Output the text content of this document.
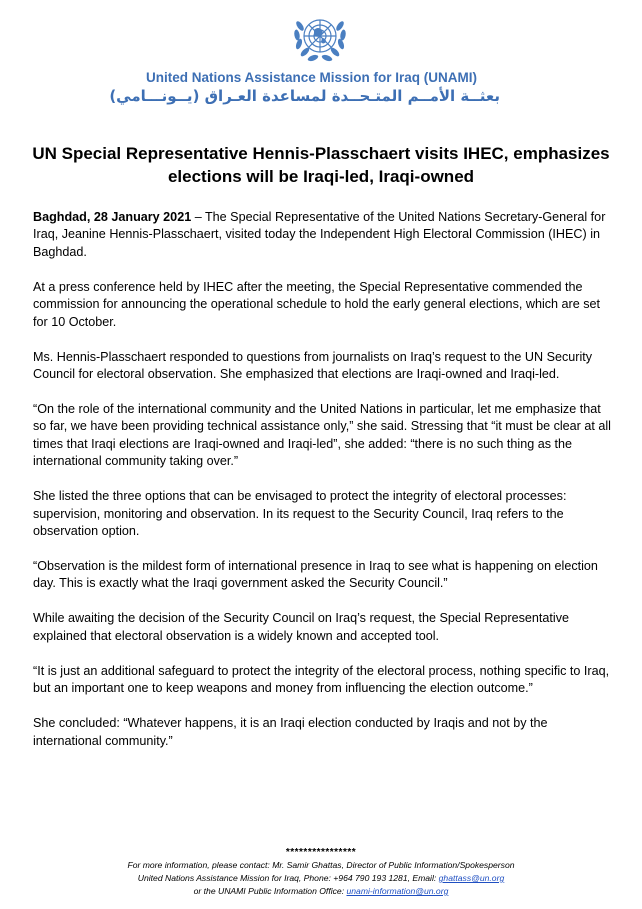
United Nations Assistance Mission for Iraq (UNAMI)
بعثــة الأمــم المتـحــدة لمساعدة العـراق (يــونـــامي)
UN Special Representative Hennis-Plasschaert visits IHEC, emphasizes
elections will be Iraqi-led, Iraqi-owned

Baghdad, 28 January 2021 – The Special Representative of the United Nations Secretary-General for Iraq, Jeanine Hennis-Plasschaert, visited today the Independent High Electoral Commission (IHEC) in Baghdad.

At a press conference held by IHEC after the meeting, the Special Representative commended the commission for announcing the operational schedule to hold the early general elections, which are set for 10 October.

Ms. Hennis-Plasschaert responded to questions from journalists on Iraq’s request to the UN Security Council for electoral observation. She emphasized that elections are Iraqi-owned and Iraqi-led.

“On the role of the international community and the United Nations in particular, let me emphasize that so far, we have been providing technical assistance only,” she said. Stressing that “it must be clear at all times that Iraqi elections are Iraqi-owned and Iraqi-led”, she added: “there is no such thing as the international community taking over.”

She listed the three options that can be envisaged to protect the integrity of electoral processes: supervision, monitoring and observation. In its request to the Security Council, Iraq refers to the observation option.

“Observation is the mildest form of international presence in Iraq to see what is happening on election day. This is exactly what the Iraqi government asked the Security Council.”

While awaiting the decision of the Security Council on Iraq’s request, the Special Representative explained that electoral observation is a widely known and accepted tool.

“It is just an additional safeguard to protect the integrity of the electoral process, nothing specific to Iraq, but an important one to keep weapons and money from influencing the election outcome.”

She concluded: “Whatever happens, it is an Iraqi election conducted by Iraqis and not by the international community.”

****************
For more information, please contact: Mr. Samir Ghattas, Director of Public Information/Spokesperson
United Nations Assistance Mission for Iraq, Phone: +964 790 193 1281, Email: ghattass@un.org
or the UNAMI Public Information Office: unami-information@un.org
